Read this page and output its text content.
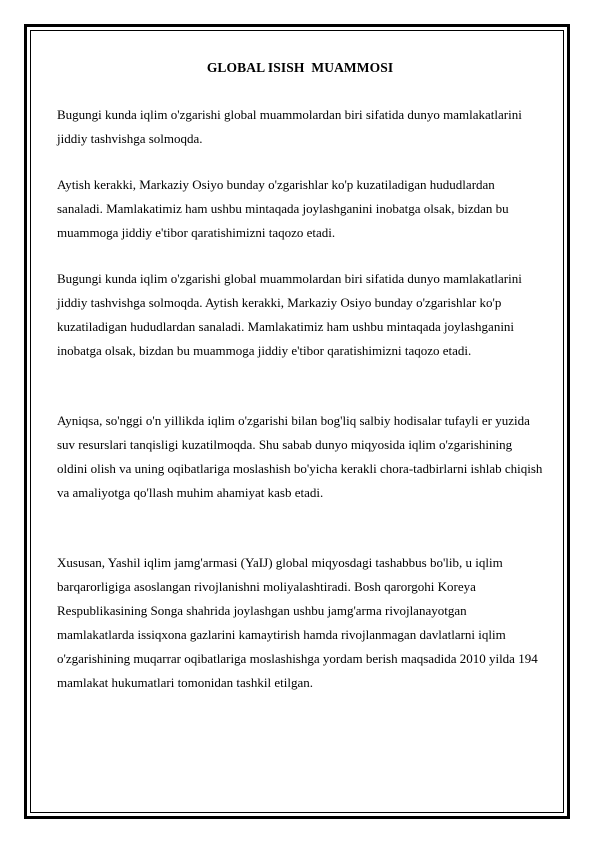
GLOBAL ISISH  MUAMMOSI

Bugungi kunda iqlim o'zgarishi global muammolardan biri sifatida dunyo mamlakatlarini jiddiy tashvishga solmoqda.

Aytish kerakki, Markaziy Osiyo bunday o'zgarishlar ko'p kuzatiladigan hududlardan sanaladi. Mamlakatimiz ham ushbu mintaqada joylashganini inobatga olsak, bizdan bu muammoga jiddiy e'tibor qaratishimizni taqozo etadi.

Bugungi kunda iqlim o'zgarishi global muammolardan biri sifatida dunyo mamlakatlarini jiddiy tashvishga solmoqda. Aytish kerakki, Markaziy Osiyo bunday o'zgarishlar ko'p kuzatiladigan hududlardan sanaladi. Mamlakatimiz ham ushbu mintaqada joylashganini inobatga olsak, bizdan bu muammoga jiddiy e'tibor qaratishimizni taqozo etadi.

Ayniqsa, so'nggi o'n yillikda iqlim o'zgarishi bilan bog'liq salbiy hodisalar tufayli er yuzida suv resurslari tanqisligi kuzatilmoqda. Shu sabab dunyo miqyosida iqlim o'zgarishining oldini olish va uning oqibatlariga moslashish bo'yicha kerakli chora-tadbirlarni ishlab chiqish va amaliyotga qo'llash muhim ahamiyat kasb etadi.

Xususan, Yashil iqlim jamg'armasi (YaIJ) global miqyosdagi tashabbus bo'lib, u iqlim barqarorligiga asoslangan rivojlanishni moliyalashtiradi. Bosh qarorgohi Koreya Respublikasining Songa shahrida joylashgan ushbu jamg'arma rivojlanayotgan mamlakatlarda issiqxona gazlarini kamaytirish hamda rivojlanmagan davlatlarni iqlim o'zgarishining muqarrar oqibatlariga moslashishga yordam berish maqsadida 2010 yilda 194 mamlakat hukumatlari tomonidan tashkil etilgan.
